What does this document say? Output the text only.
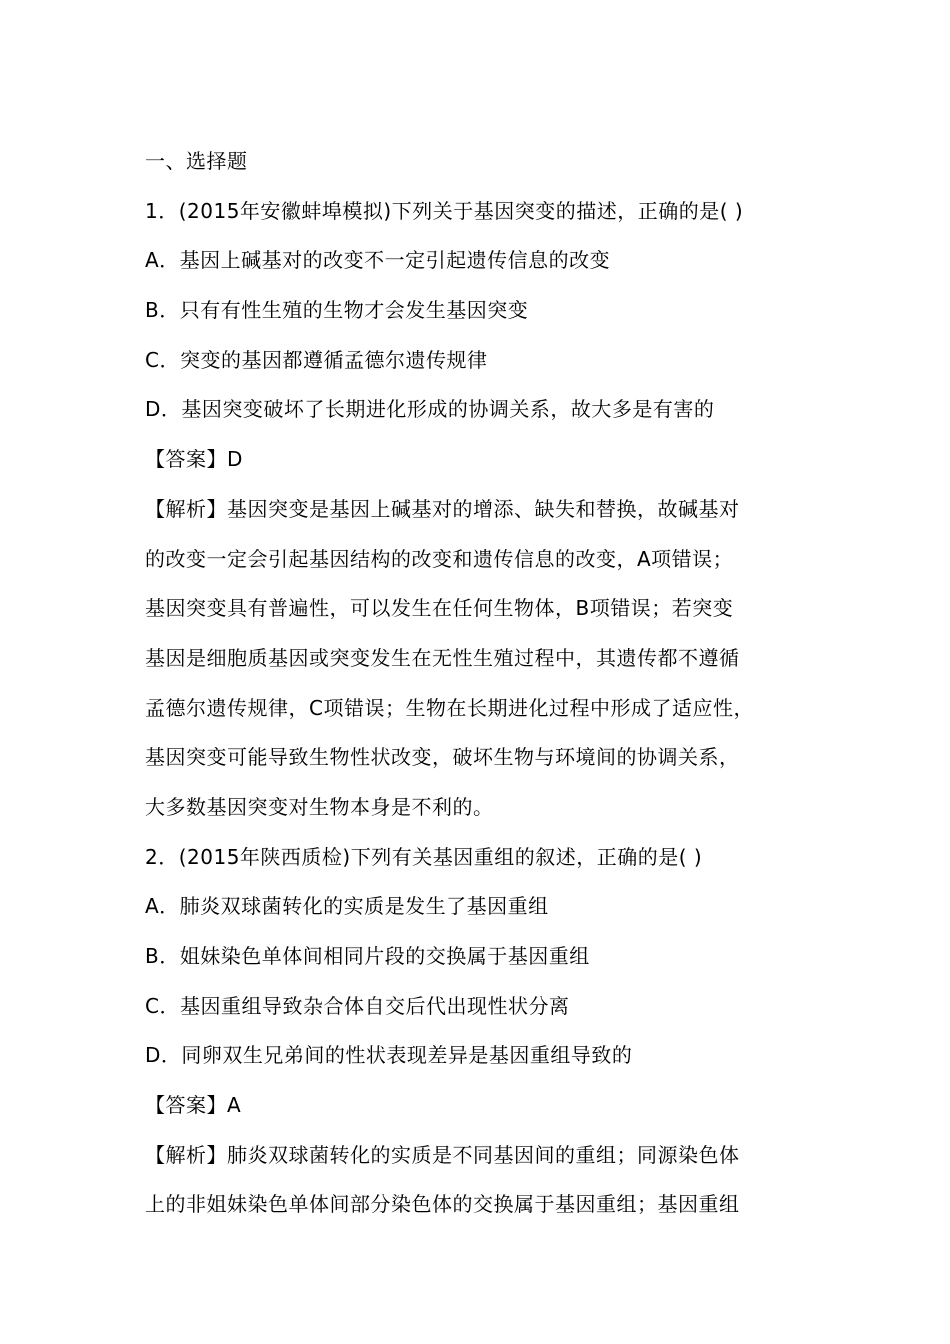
一、选择题
1．(2015年安徽蚌埠模拟)下列关于基因突变的描述，正确的是( )
A．基因上碱基对的改变不一定引起遗传信息的改变
B．只有有性生殖的生物才会发生基因突变
C．突变的基因都遵循孟德尔遗传规律
D．基因突变破坏了长期进化形成的协调关系，故大多是有害的
【答案】D
【解析】基因突变是基因上碱基对的增添、缺失和替换，故碱基对
的改变一定会引起基因结构的改变和遗传信息的改变，A项错误；
基因突变具有普遍性，可以发生在任何生物体，B项错误；若突变
基因是细胞质基因或突变发生在无性生殖过程中，其遗传都不遵循
孟德尔遗传规律，C项错误；生物在长期进化过程中形成了适应性，
基因突变可能导致生物性状改变，破坏生物与环境间的协调关系，
大多数基因突变对生物本身是不利的。
2．(2015年陕西质检)下列有关基因重组的叙述，正确的是( )
A．肺炎双球菌转化的实质是发生了基因重组
B．姐妹染色单体间相同片段的交换属于基因重组
C．基因重组导致杂合体自交后代出现性状分离
D．同卵双生兄弟间的性状表现差异是基因重组导致的
【答案】A
【解析】肺炎双球菌转化的实质是不同基因间的重组；同源染色体
上的非姐妹染色单体间部分染色体的交换属于基因重组；基因重组
